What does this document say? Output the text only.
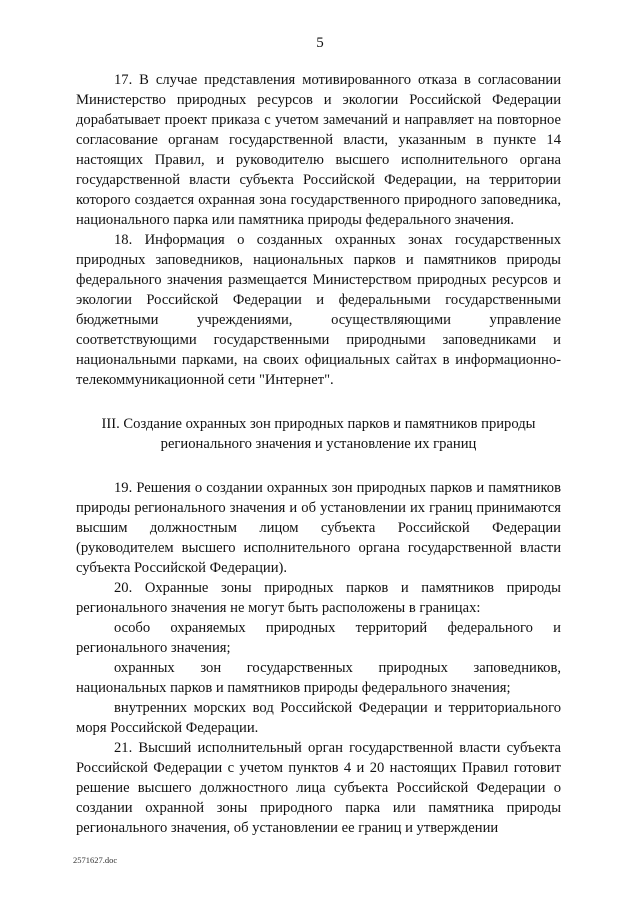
5

17. В случае представления мотивированного отказа в согласовании Министерство природных ресурсов и экологии Российской Федерации дорабатывает проект приказа с учетом замечаний и направляет на повторное согласование органам государственной власти, указанным в пункте 14 настоящих Правил, и руководителю высшего исполнительного органа государственной власти субъекта Российской Федерации, на территории которого создается охранная зона государственного природного заповедника, национального парка или памятника природы федерального значения.

18. Информация о созданных охранных зонах государственных природных заповедников, национальных парков и памятников природы федерального значения размещается Министерством природных ресурсов и экологии Российской Федерации и федеральными государственными бюджетными учреждениями, осуществляющими управление соответствующими государственными природными заповедниками и национальными парками, на своих официальных сайтах в информационно-телекоммуникационной сети "Интернет".

III. Создание охранных зон природных парков и памятников природы
регионального значения и установление их границ

19. Решения о создании охранных зон природных парков и памятников природы регионального значения и об установлении их границ принимаются высшим должностным лицом субъекта Российской Федерации (руководителем высшего исполнительного органа государственной власти субъекта Российской Федерации).

20. Охранные зоны природных парков и памятников природы регионального значения не могут быть расположены в границах:

особо охраняемых природных территорий федерального и регионального значения;

охранных зон государственных природных заповедников, национальных парков и памятников природы федерального значения;

внутренних морских вод Российской Федерации и территориального моря Российской Федерации.

21. Высший исполнительный орган государственной власти субъекта Российской Федерации с учетом пунктов 4 и 20 настоящих Правил готовит решение высшего должностного лица субъекта Российской Федерации о создании охранной зоны природного парка или памятника природы регионального значения, об установлении ее границ и утверждении

2571627.doc
